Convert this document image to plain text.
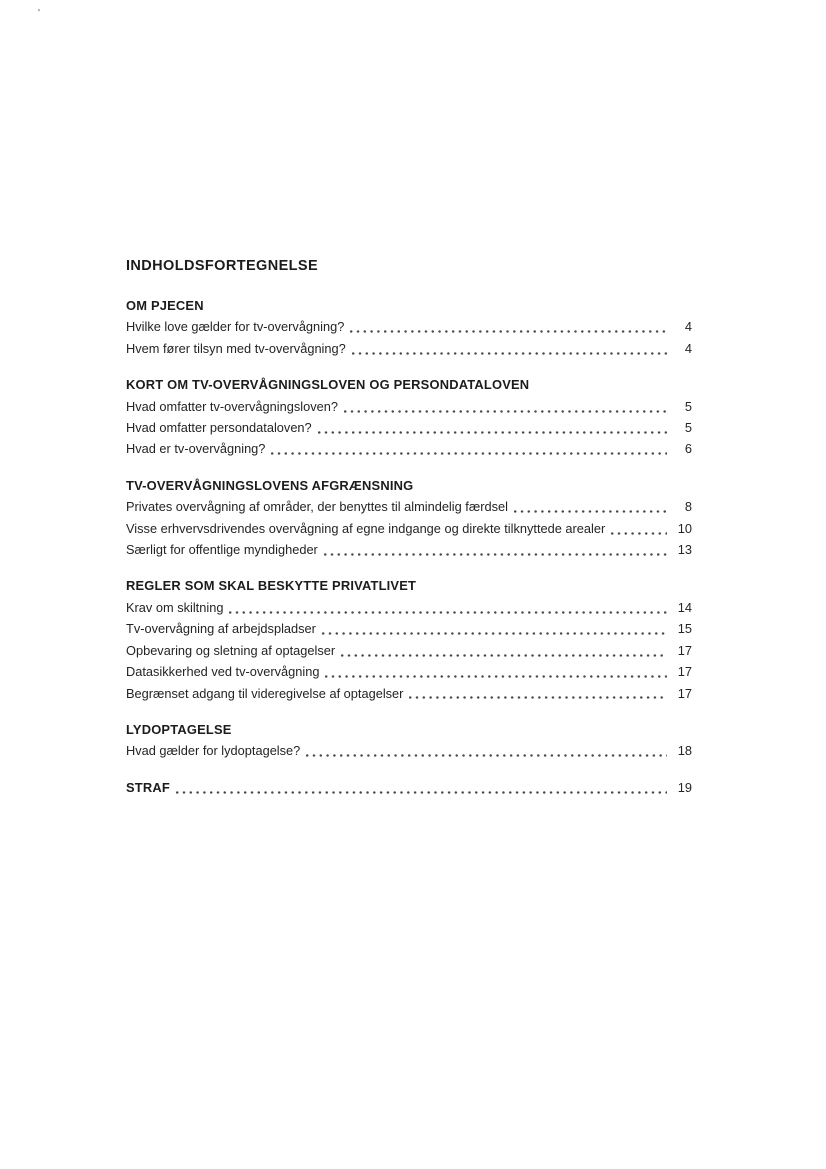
'
INDHOLDSFORTEGNELSE
OM PJECEN
Hvilke love gælder for tv-overvågning?	4
Hvem fører tilsyn med tv-overvågning?	4
KORT OM TV-OVERVÅGNINGSLOVEN OG PERSONDATALOVEN
Hvad omfatter tv-overvågningsloven?	5
Hvad omfatter persondataloven?	5
Hvad er tv-overvågning?	6
TV-OVERVÅGNINGSLOVENS AFGRÆNSNING
Privates overvågning af områder, der benyttes til almindelig færdsel	8
Visse erhvervsdrivendes overvågning af egne indgange og direkte tilknyttede arealer	10
Særligt for offentlige myndigheder	13
REGLER SOM SKAL BESKYTTE PRIVATLIVET
Krav om skiltning	14
Tv-overvågning af arbejdspladser	15
Opbevaring og sletning af optagelser	17
Datasikkerhed ved tv-overvågning	17
Begrænset adgang til videregivelse af optagelser	17
LYDOPTAGELSE
Hvad gælder for lydoptagelse?	18
STRAF	19
